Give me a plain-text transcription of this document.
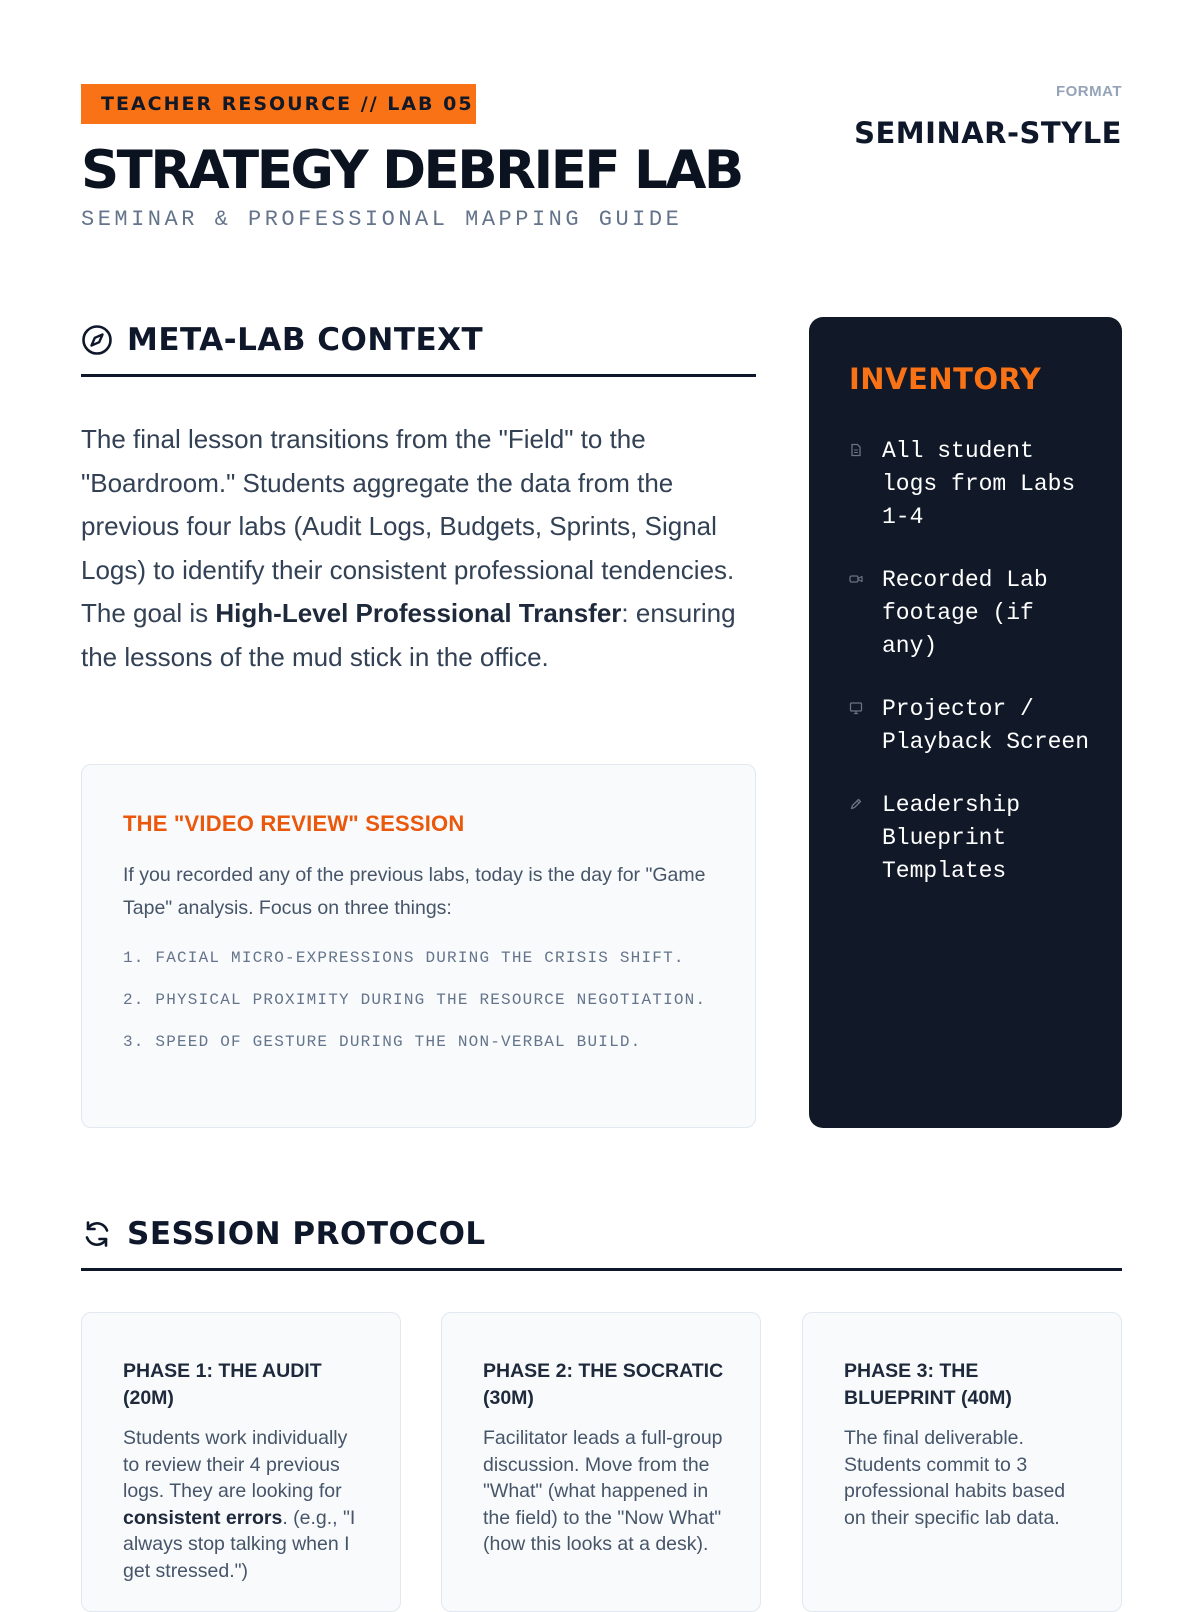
TEACHER RESOURCE // LAB 05
STRATEGY DEBRIEF LAB
SEMINAR & PROFESSIONAL MAPPING GUIDE
FORMAT
SEMINAR-STYLE
META-LAB CONTEXT

The final lesson transitions from the "Field" to the "Boardroom." Students aggregate the data from the previous four labs (Audit Logs, Budgets, Sprints, Signal Logs) to identify their consistent professional tendencies. The goal is High-Level Professional Transfer: ensuring the lessons of the mud stick in the office.

THE "VIDEO REVIEW" SESSION

If you recorded any of the previous labs, today is the day for "Game Tape" analysis. Focus on three things:

1. FACIAL MICRO-EXPRESSIONS DURING THE CRISIS SHIFT.
2. PHYSICAL PROXIMITY DURING THE RESOURCE NEGOTIATION.
3. SPEED OF GESTURE DURING THE NON-VERBAL BUILD.
INVENTORY
All student logs from Labs 1-4
Recorded Lab footage (if any)
Projector / Playback Screen
Leadership Blueprint Templates
SESSION PROTOCOL
PHASE 1: THE AUDIT (20M)

Students work individually to review their 4 previous logs. They are looking for consistent errors. (e.g., "I always stop talking when I get stressed.")

PHASE 2: THE SOCRATIC (30M)

Facilitator leads a full-group discussion. Move from the "What" (what happened in the field) to the "Now What" (how this looks at a desk).

PHASE 3: THE BLUEPRINT (40M)

The final deliverable. Students commit to 3 professional habits based on their specific lab data.
